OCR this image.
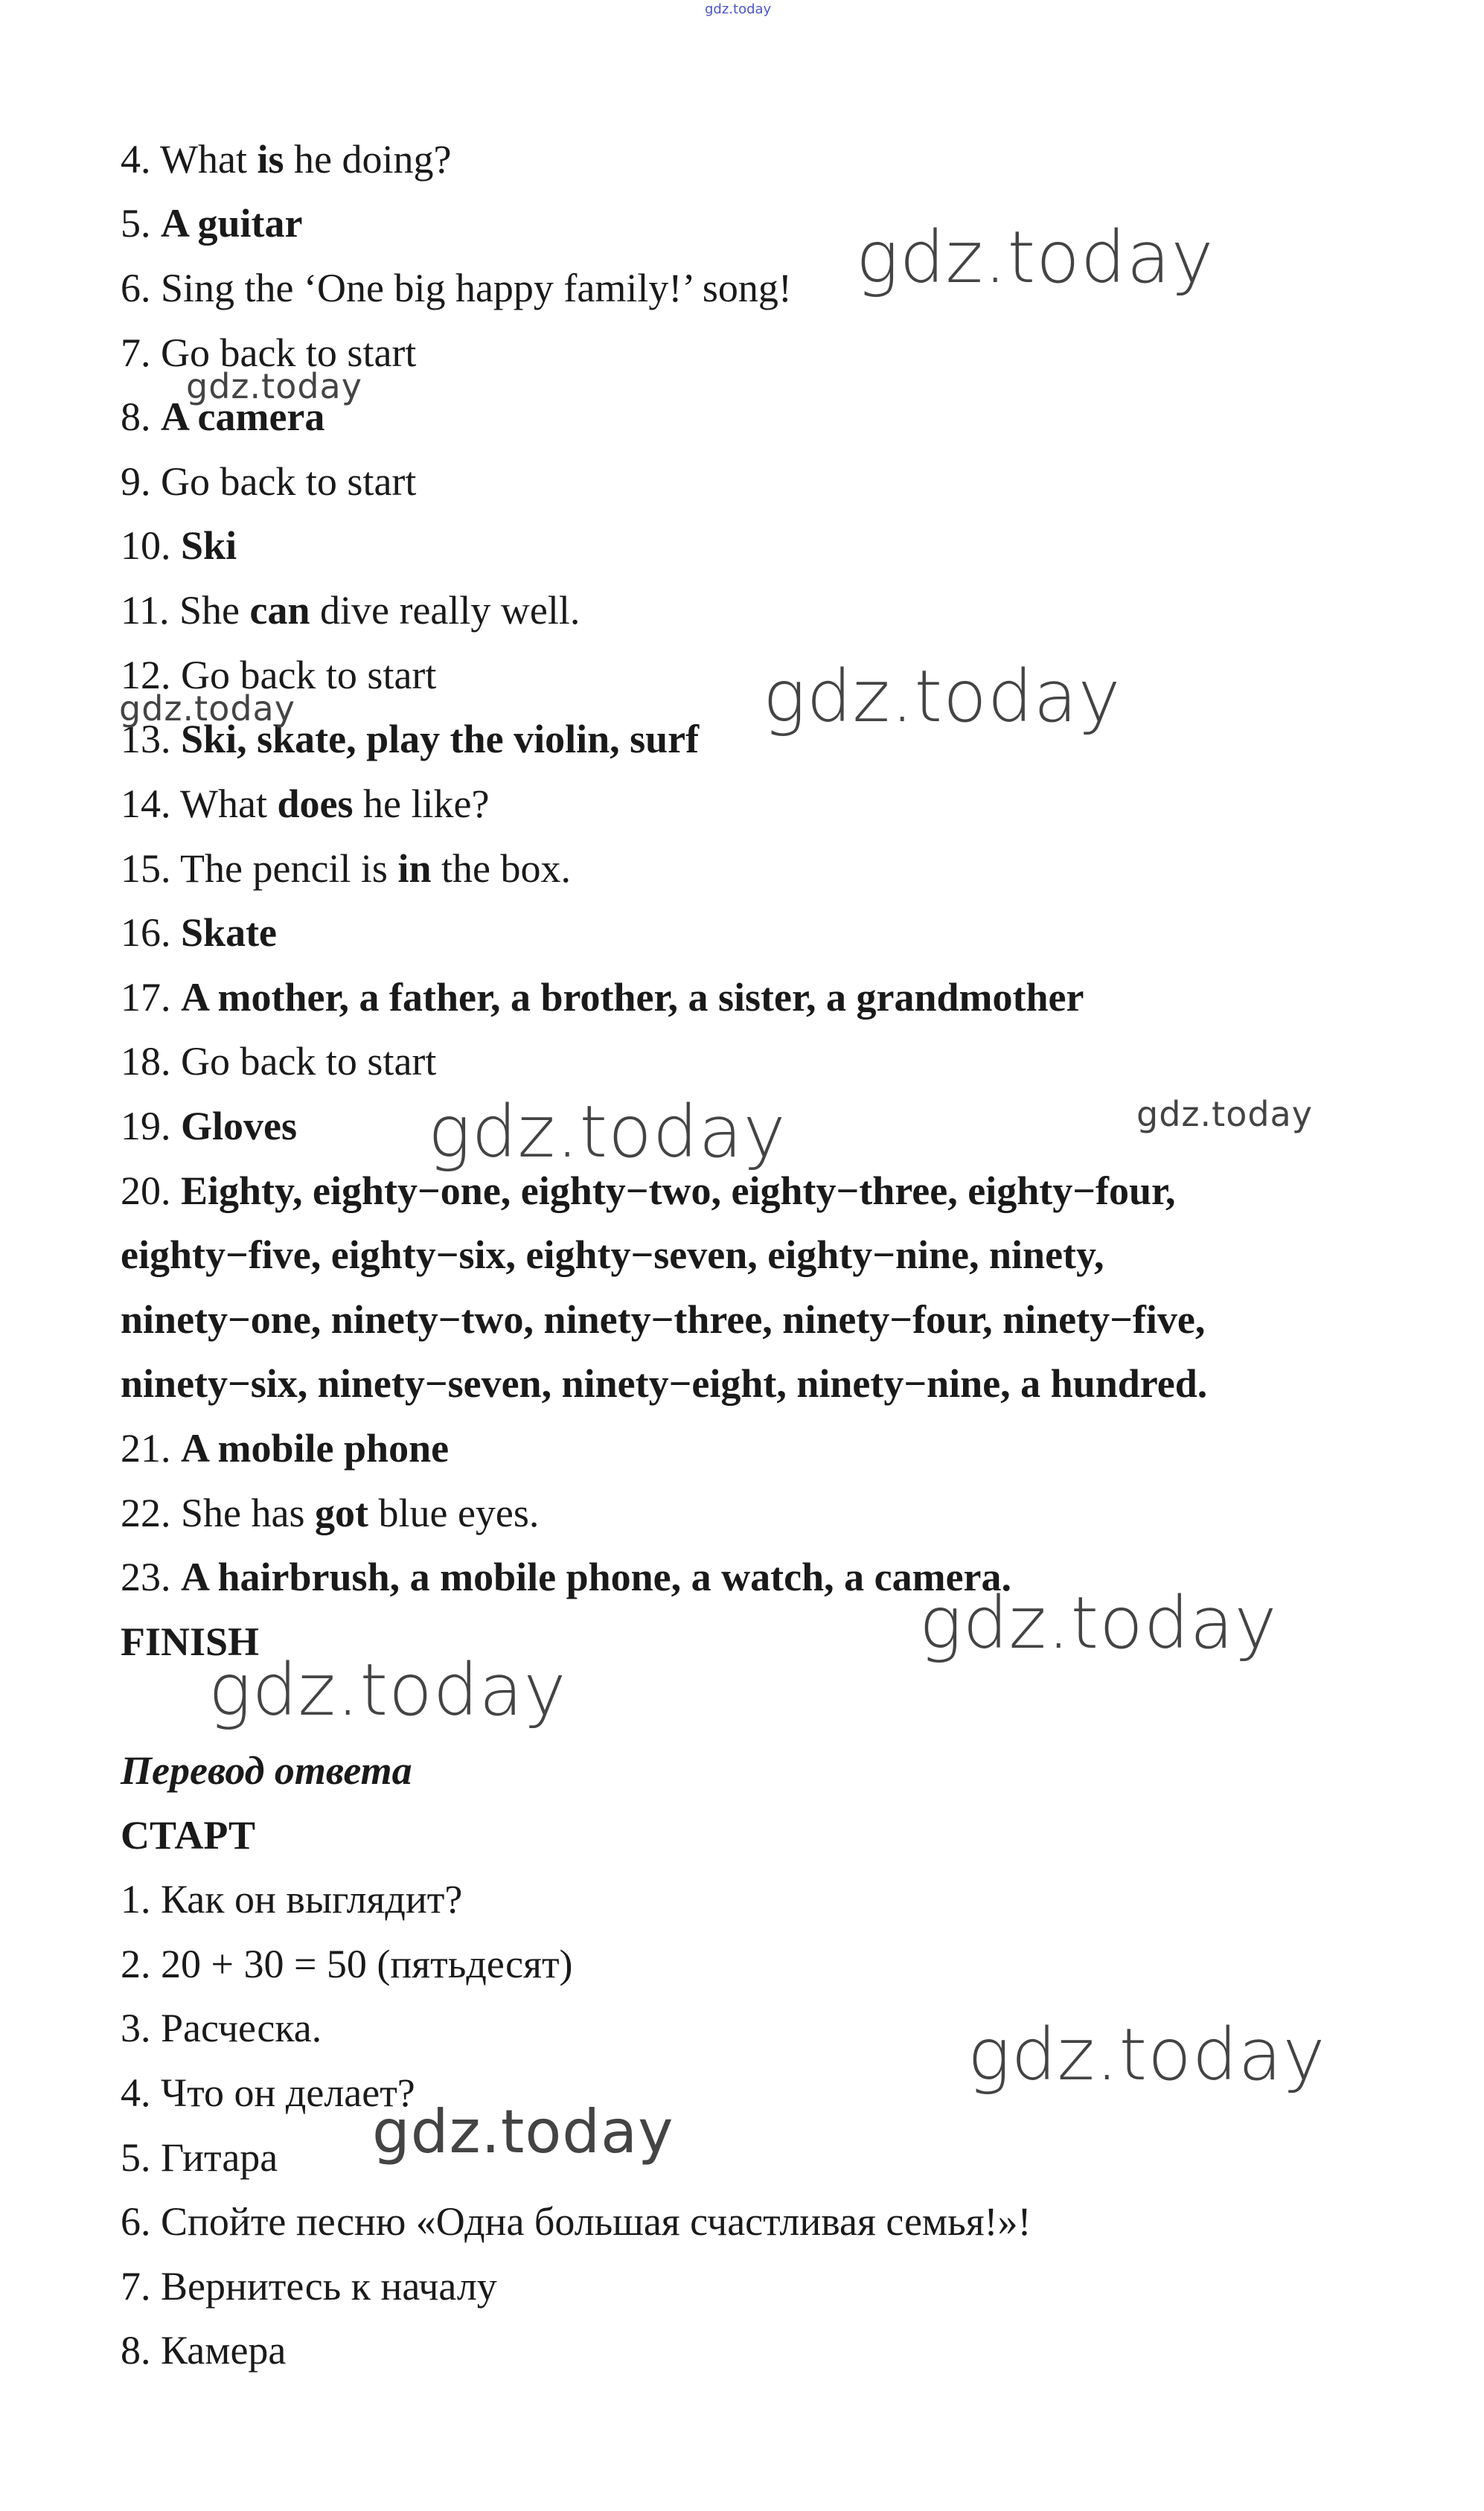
gdz.today
4. What is he doing?
5. A guitar
6. Sing the ‘One big happy family!’ song!
7. Go back to start
8. A camera
9. Go back to start
10. Ski
11. She can dive really well.
12. Go back to start
13. Ski, skate, play the violin, surf
14. What does he like?
15. The pencil is in the box.
16. Skate
17. A mother, a father, a brother, a sister, a grandmother
18. Go back to start
19. Gloves
20. Eighty, eighty−one, eighty−two, eighty−three, eighty−four,
eighty−five, eighty−six, eighty−seven, eighty−nine, ninety,
ninety−one, ninety−two, ninety−three, ninety−four, ninety−five,
ninety−six, ninety−seven, ninety−eight, ninety−nine, a hundred.
21. A mobile phone
22. She has got blue eyes.
23. A hairbrush, a mobile phone, a watch, a camera.
FINISH
Перевод ответа
СТАРТ
1. Как он выглядит?
2. 20 + 30 = 50 (пятьдесят)
3. Расческа.
4. Что он делает?
5. Гитара
6. Спойте песню «Одна большая счастливая семья!»!
7. Вернитесь к началу
8. Камера
gdz.today
gdz.today
gdz.today
gdz.today
gdz.today	gdz.today
gdz.today
gdz.today
gdz.today
gdz.today
